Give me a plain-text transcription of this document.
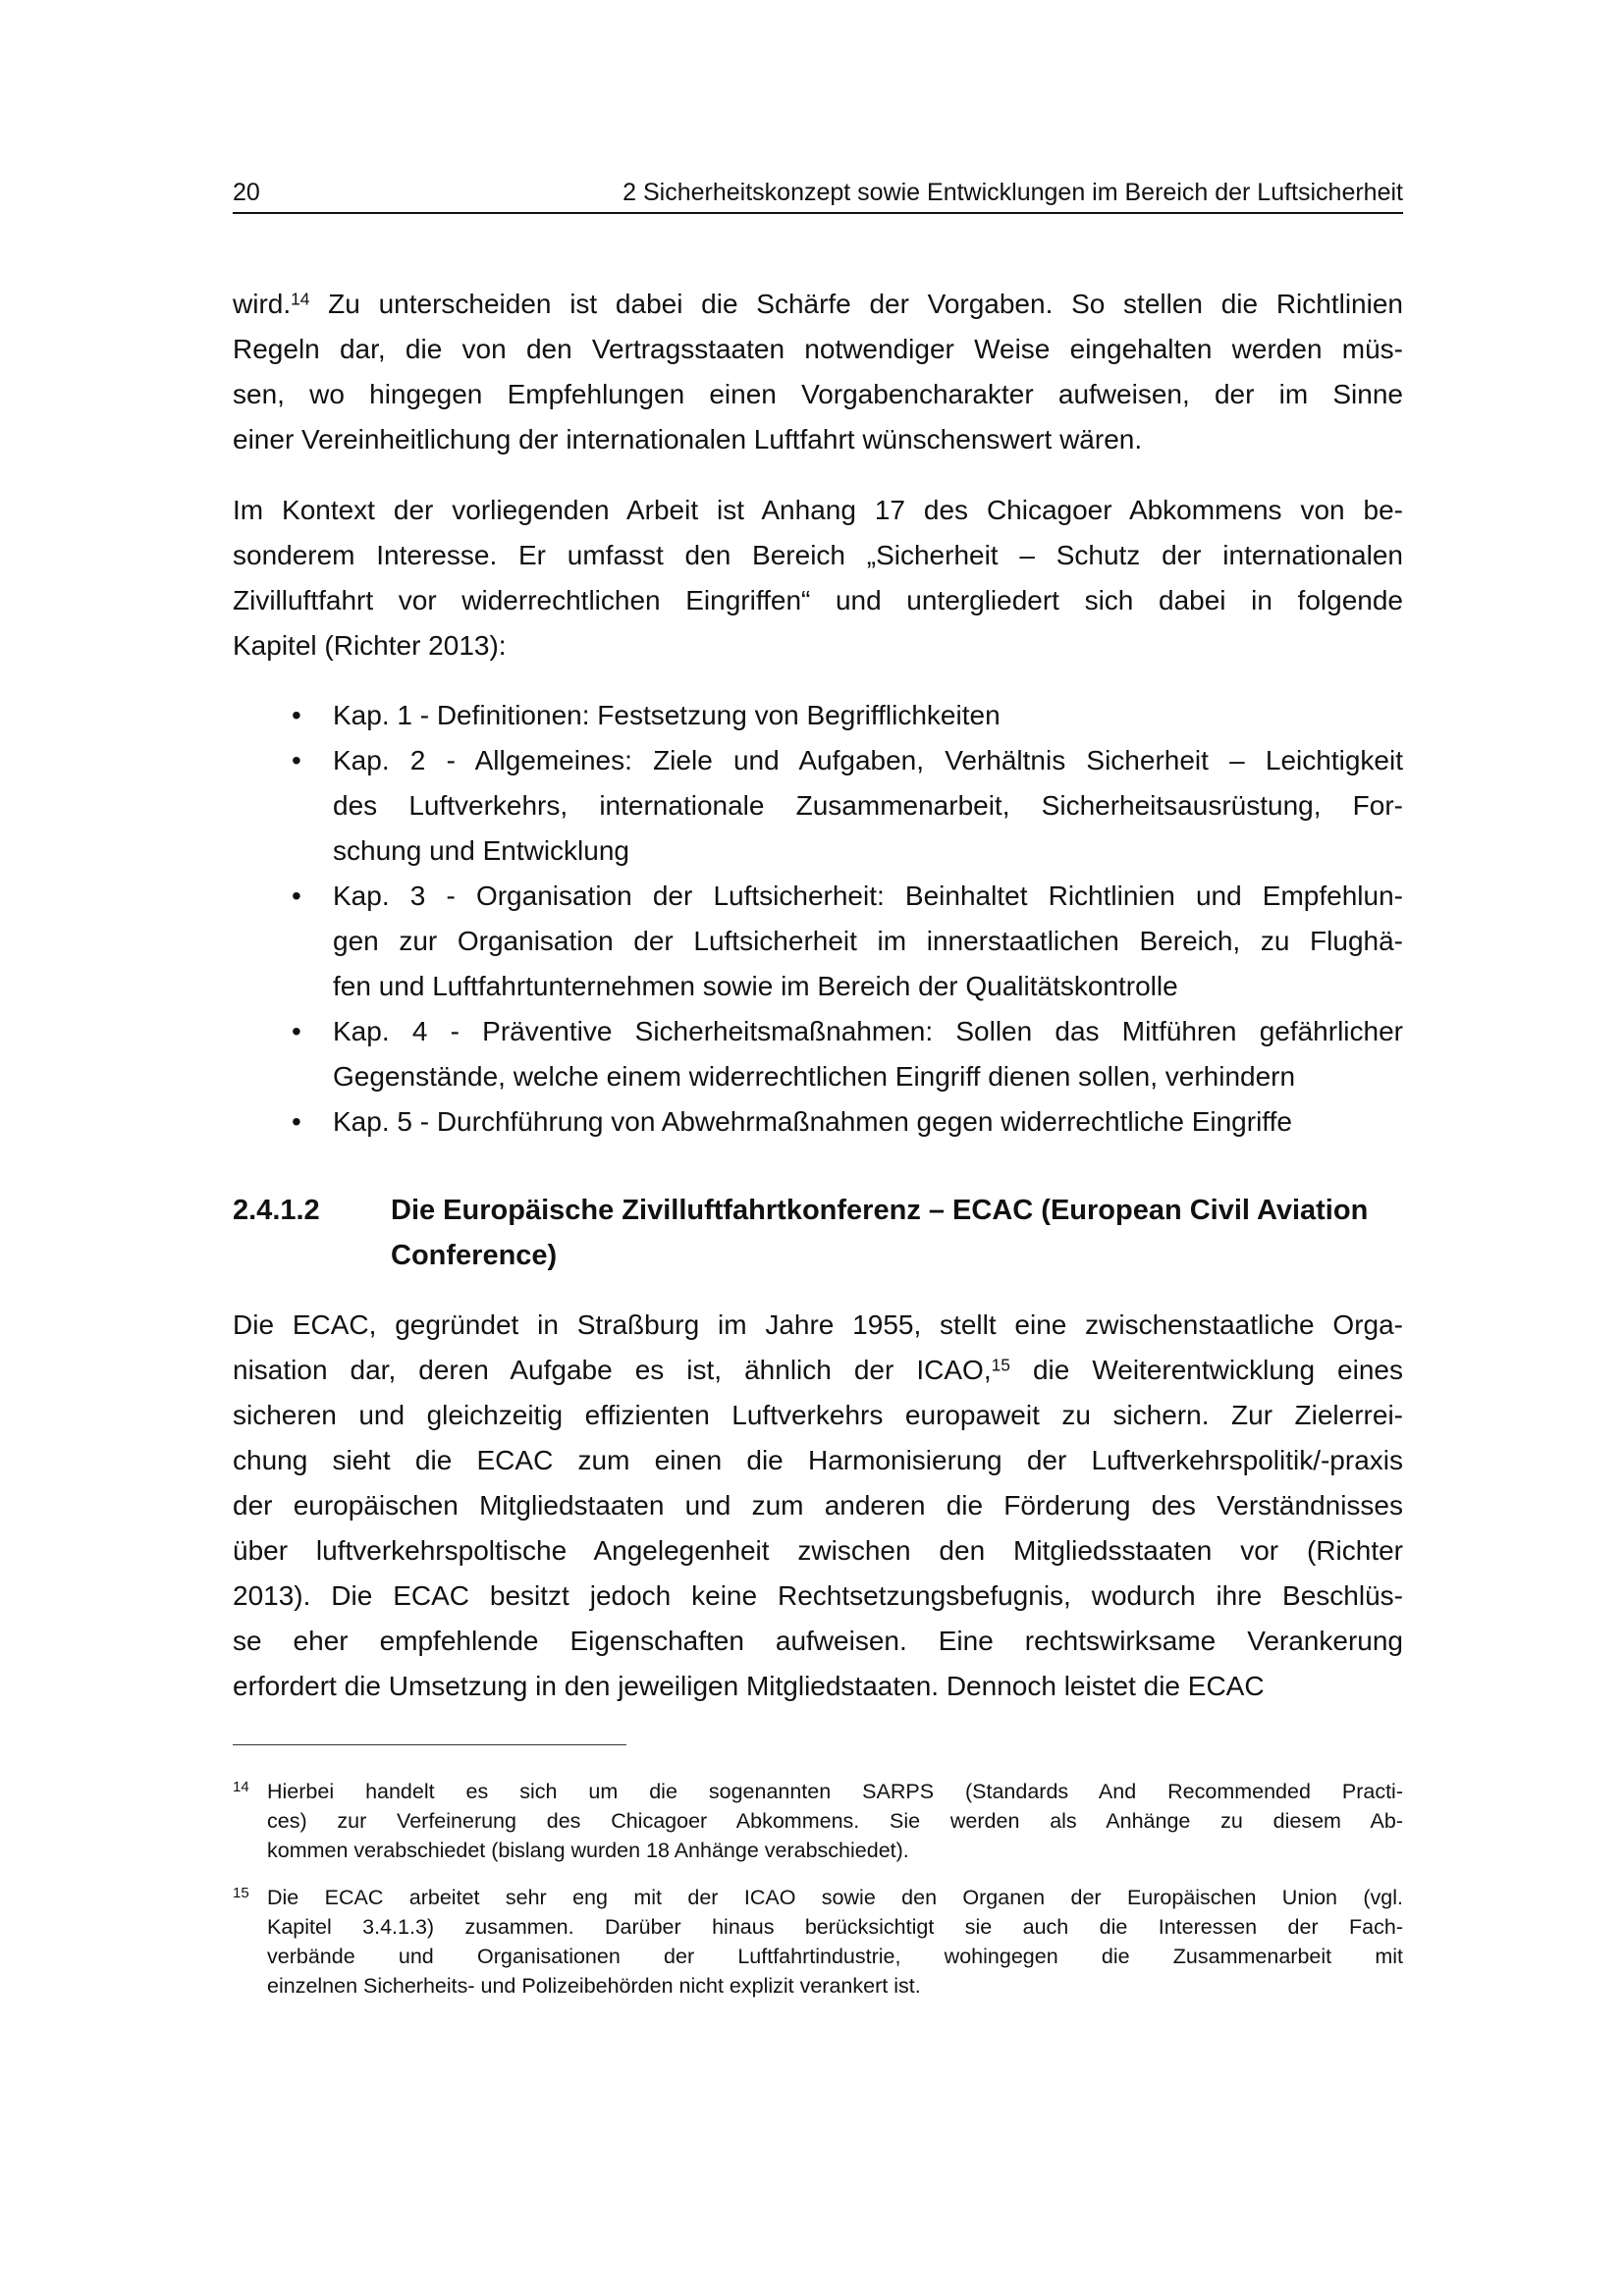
20	2 Sicherheitskonzept sowie Entwicklungen im Bereich der Luftsicherheit
wird.$^{14}$ Zu unterscheiden ist dabei die Schärfe der Vorgaben. So stellen die Richtlinien
Regeln dar, die von den Vertragsstaaten notwendiger Weise eingehalten werden müs-
sen, wo hingegen Empfehlungen einen Vorgabencharakter aufweisen, der im Sinne
einer Vereinheitlichung der internationalen Luftfahrt wünschenswert wären.
Im Kontext der vorliegenden Arbeit ist Anhang 17 des Chicagoer Abkommens von be-
sonderem Interesse. Er umfasst den Bereich „Sicherheit – Schutz der internationalen
Zivilluftfahrt vor widerrechtlichen Eingriffen“ und untergliedert sich dabei in folgende
Kapitel (Richter 2013):
• Kap. 1 - Definitionen: Festsetzung von Begrifflichkeiten
• Kap. 2 - Allgemeines: Ziele und Aufgaben, Verhältnis Sicherheit – Leichtigkeit
des Luftverkehrs, internationale Zusammenarbeit, Sicherheitsausrüstung, For-
schung und Entwicklung
• Kap. 3 - Organisation der Luftsicherheit: Beinhaltet Richtlinien und Empfehlun-
gen zur Organisation der Luftsicherheit im innerstaatlichen Bereich, zu Flughä-
fen und Luftfahrtunternehmen sowie im Bereich der Qualitätskontrolle
• Kap. 4 - Präventive Sicherheitsmaßnahmen: Sollen das Mitführen gefährlicher
Gegenstände, welche einem widerrechtlichen Eingriff dienen sollen, verhindern
• Kap. 5 - Durchführung von Abwehrmaßnahmen gegen widerrechtliche Eingriffe
2.4.1.2 Die Europäische Zivilluftfahrtkonferenz – ECAC (European Civil Aviation Conference)
Die ECAC, gegründet in Straßburg im Jahre 1955, stellt eine zwischenstaatliche Orga-
nisation dar, deren Aufgabe es ist, ähnlich der ICAO,$^{15}$ die Weiterentwicklung eines
sicheren und gleichzeitig effizienten Luftverkehrs europaweit zu sichern. Zur Zielerrei-
chung sieht die ECAC zum einen die Harmonisierung der Luftverkehrspolitik/-praxis
der europäischen Mitgliedstaaten und zum anderen die Förderung des Verständnisses
über luftverkehrspoltische Angelegenheit zwischen den Mitgliedsstaaten vor (Richter
2013). Die ECAC besitzt jedoch keine Rechtsetzungsbefugnis, wodurch ihre Beschlüs-
se eher empfehlende Eigenschaften aufweisen. Eine rechtswirksame Verankerung
erfordert die Umsetzung in den jeweiligen Mitgliedstaaten. Dennoch leistet die ECAC
14 Hierbei handelt es sich um die sogenannten SARPS (Standards And Recommended Practi-
ces) zur Verfeinerung des Chicagoer Abkommens. Sie werden als Anhänge zu diesem Ab-
kommen verabschiedet (bislang wurden 18 Anhänge verabschiedet).
15 Die ECAC arbeitet sehr eng mit der ICAO sowie den Organen der Europäischen Union (vgl.
Kapitel 3.4.1.3) zusammen. Darüber hinaus berücksichtigt sie auch die Interessen der Fach-
verbände und Organisationen der Luftfahrtindustrie, wohingegen die Zusammenarbeit mit
einzelnen Sicherheits- und Polizeibehörden nicht explizit verankert ist.
